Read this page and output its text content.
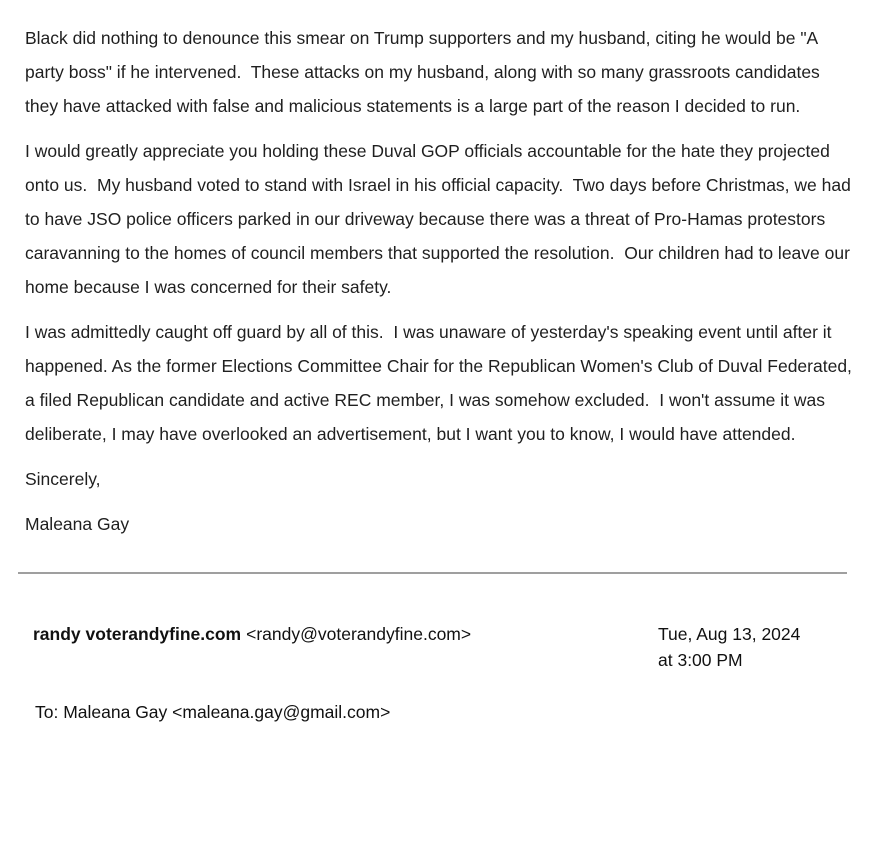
Black did nothing to denounce this smear on Trump supporters and my husband, citing he would be "A party boss" if he intervened.  These attacks on my husband, along with so many grassroots candidates they have attacked with false and malicious statements is a large part of the reason I decided to run.

I would greatly appreciate you holding these Duval GOP officials accountable for the hate they projected onto us.  My husband voted to stand with Israel in his official capacity.  Two days before Christmas, we had to have JSO police officers parked in our driveway because there was a threat of Pro-Hamas protestors caravanning to the homes of council members that supported the resolution.  Our children had to leave our home because I was concerned for their safety.

I was admittedly caught off guard by all of this.  I was unaware of yesterday's speaking event until after it happened. As the former Elections Committee Chair for the Republican Women's Club of Duval Federated, a filed Republican candidate and active REC member, I was somehow excluded.  I won't assume it was deliberate, I may have overlooked an advertisement, but I want you to know, I would have attended.

Sincerely,

Maleana Gay

randy voterandyfine.com <randy@voterandyfine.com>	Tue, Aug 13, 2024
at 3:00 PM
To: Maleana Gay <maleana.gay@gmail.com>
